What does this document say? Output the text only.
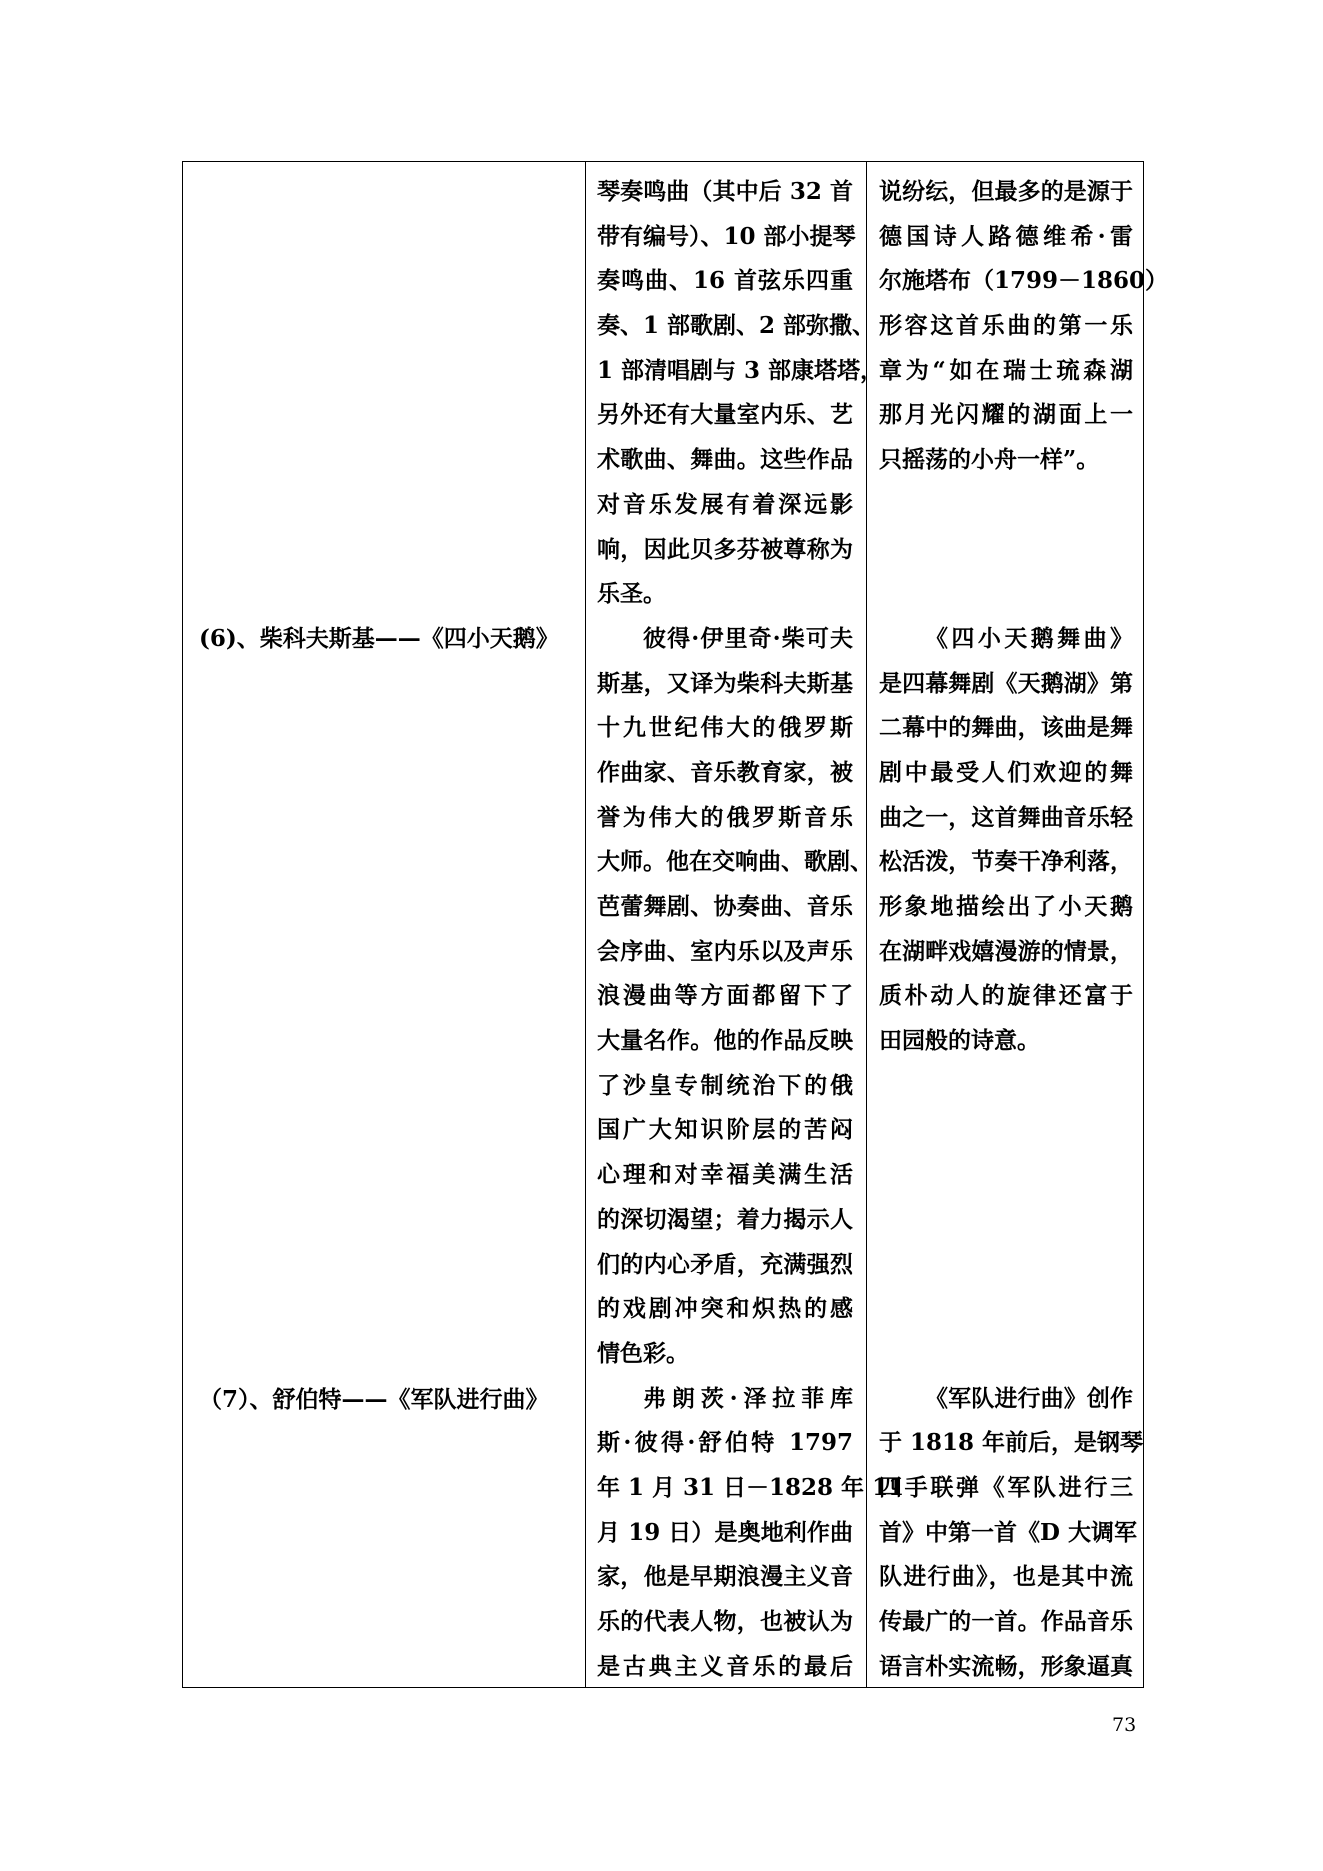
(6)、柴科夫斯基——《四小天鹅》
（7）、舒伯特——《军队进行曲》
琴奏鸣曲（其中后 32 首
带有编号）、10 部小提琴
奏鸣曲、16 首弦乐四重
奏、1 部歌剧、2 部弥撒、
1 部清唱剧与 3 部康塔塔，
另外还有大量室内乐、艺
术歌曲、舞曲。这些作品
对音乐发展有着深远影
响，因此贝多芬被尊称为
乐圣。
彼得·伊里奇·柴可夫
斯基，又译为柴科夫斯基
十九世纪伟大的俄罗斯
作曲家、音乐教育家，被
誉为伟大的俄罗斯音乐
大师。他在交响曲、歌剧、
芭蕾舞剧、协奏曲、音乐
会序曲、室内乐以及声乐
浪漫曲等方面都留下了
大量名作。他的作品反映
了沙皇专制统治下的俄
国广大知识阶层的苦闷
心理和对幸福美满生活
的深切渴望；着力揭示人
们的内心矛盾，充满强烈
的戏剧冲突和炽热的感
情色彩。
弗朗茨·泽拉菲库
斯·彼得·舒伯特 1797
年 1 月 31 日－1828 年 11
月 19 日）是奥地利作曲
家，他是早期浪漫主义音
乐的代表人物，也被认为
是古典主义音乐的最后
说纷纭，但最多的是源于
德国诗人路德维希·雷
尔施塔布（1799－1860）
形容这首乐曲的第一乐
章为“如在瑞士琉森湖
那月光闪耀的湖面上一
只摇荡的小舟一样”。
《四小天鹅舞曲》
是四幕舞剧《天鹅湖》第
二幕中的舞曲，该曲是舞
剧中最受人们欢迎的舞
曲之一，这首舞曲音乐轻
松活泼，节奏干净利落，
形象地描绘出了小天鹅
在湖畔戏嬉漫游的情景，
质朴动人的旋律还富于
田园般的诗意。
《军队进行曲》创作
于 1818 年前后，是钢琴
四手联弹《军队进行三
首》中第一首《D 大调军
队进行曲》，也是其中流
传最广的一首。作品音乐
语言朴实流畅，形象逼真
73
